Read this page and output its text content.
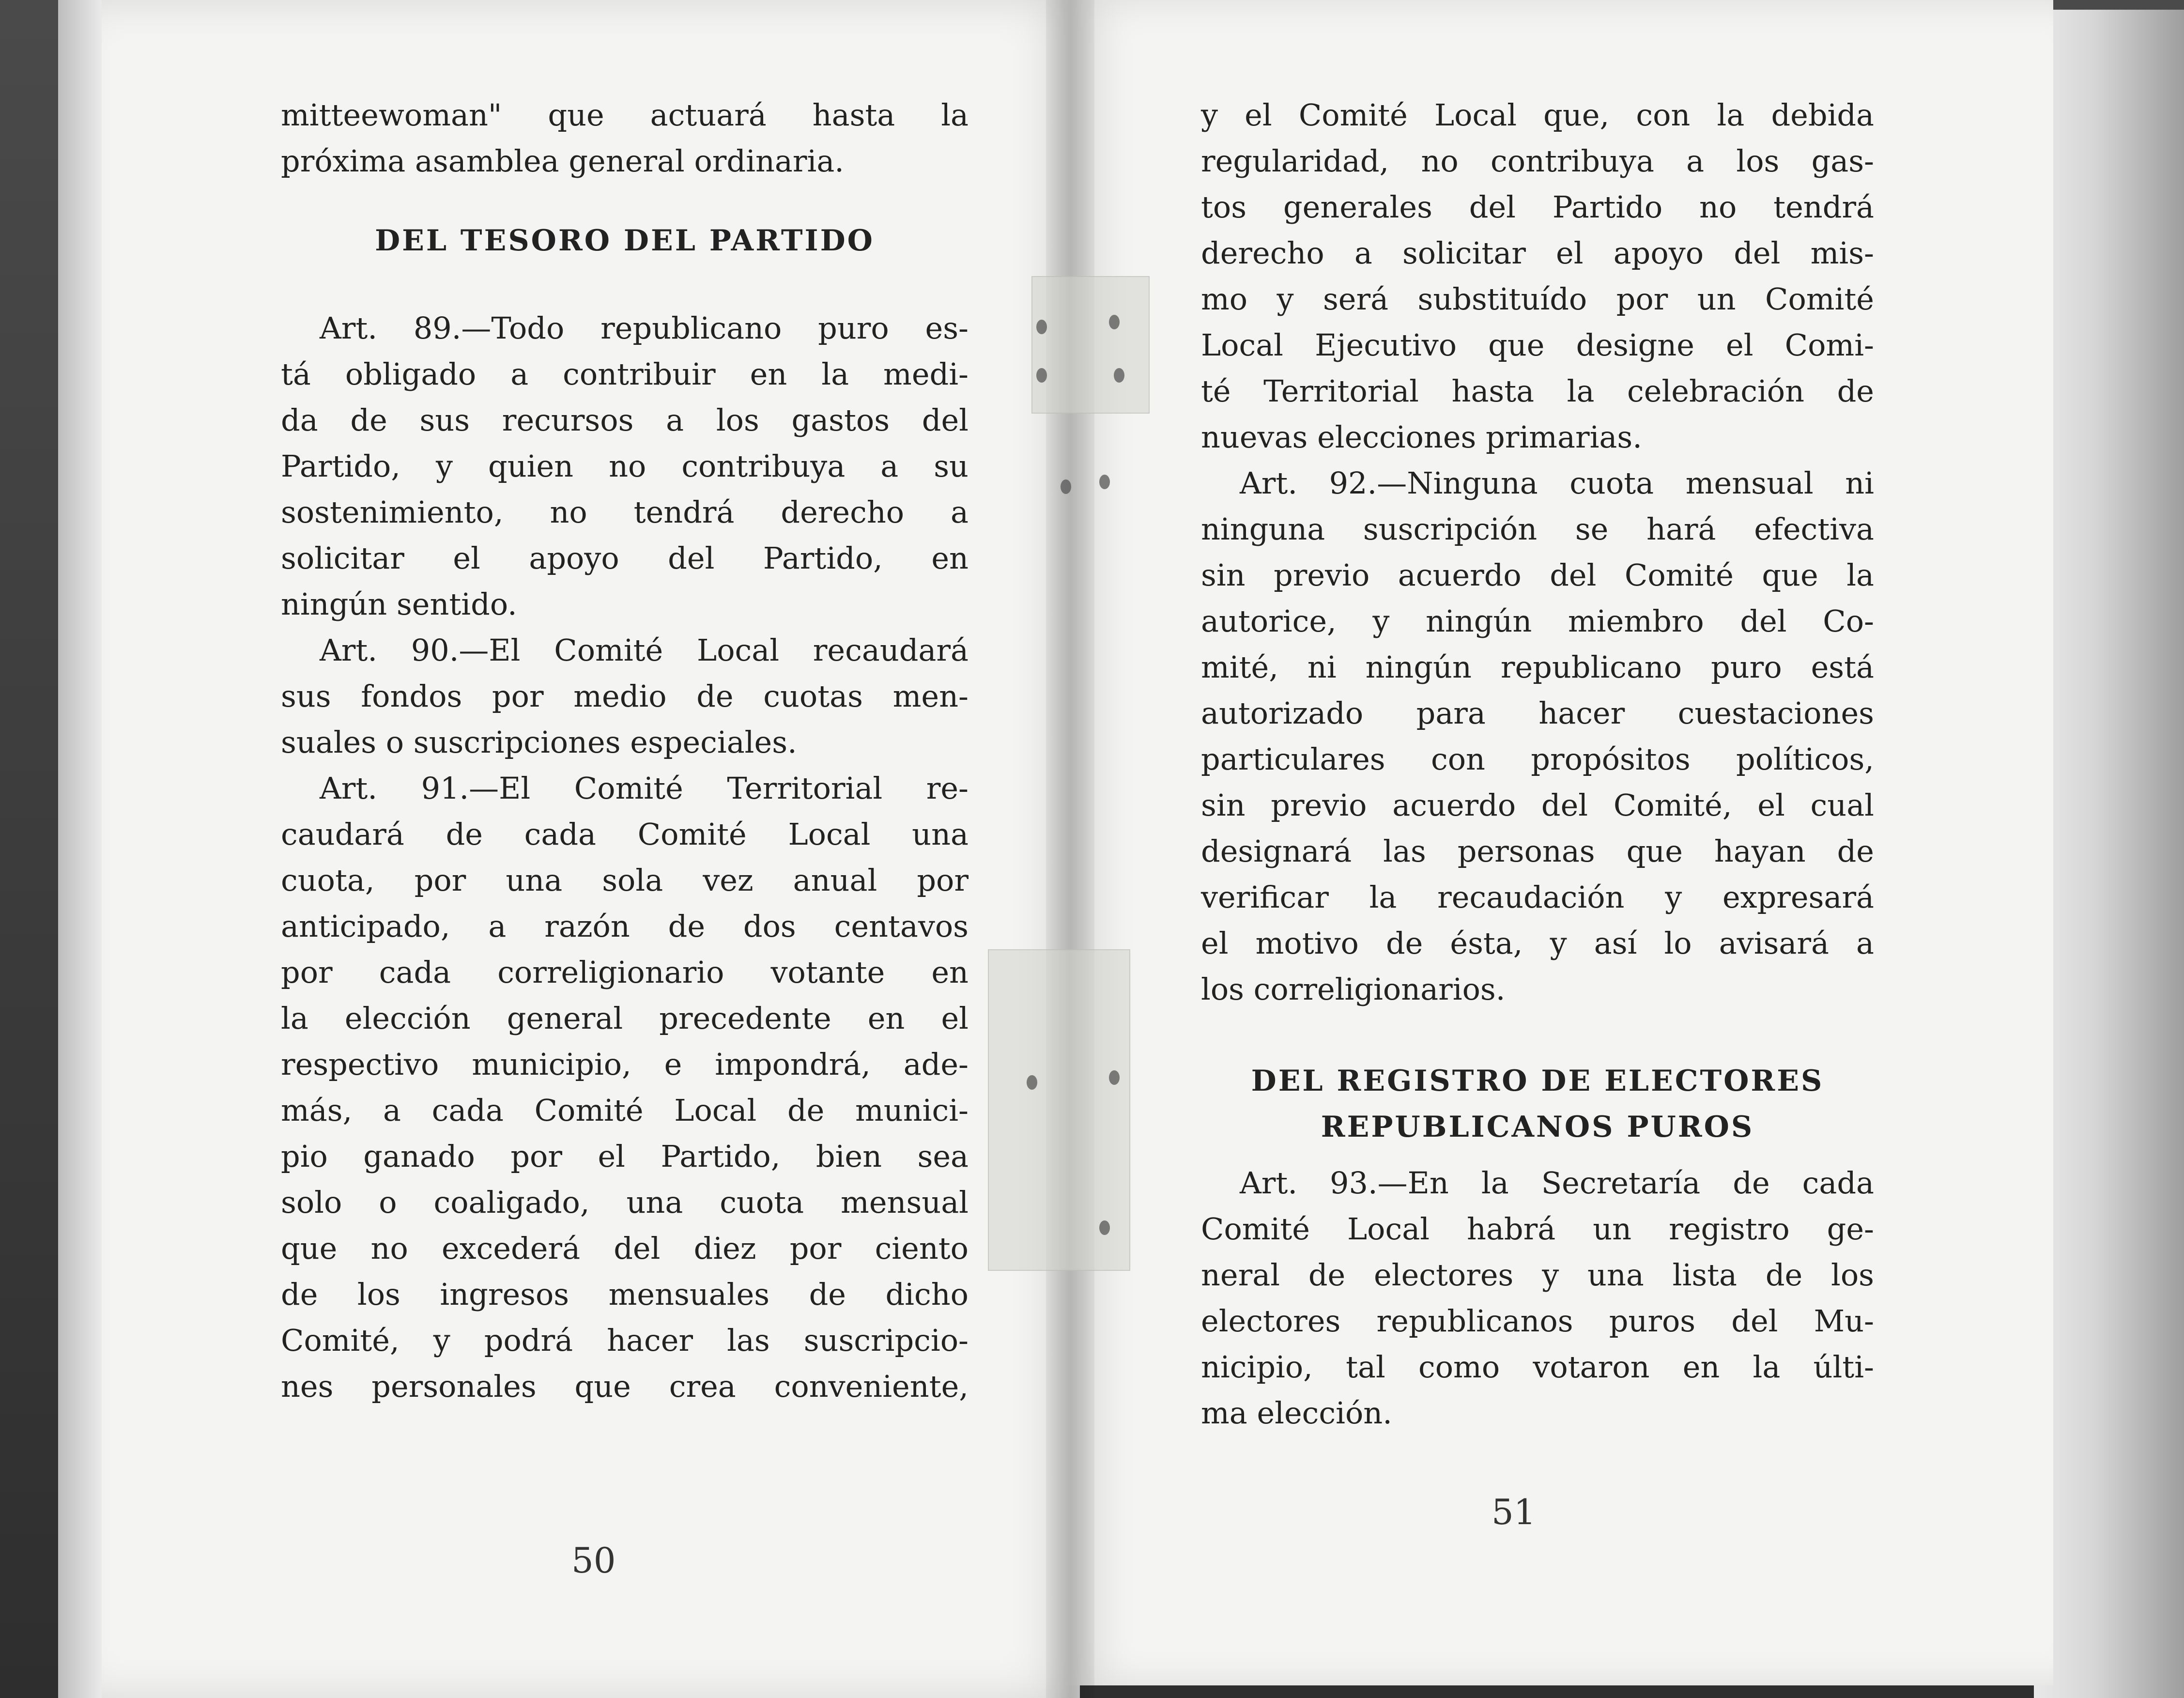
mitteewoman" que actuará hasta la
próxima asamblea general ordinaria.
DEL TESORO DEL PARTIDO
Art. 89.—Todo republicano puro es-
tá obligado a contribuir en la medi-
da de sus recursos a los gastos del
Partido, y quien no contribuya a su
sostenimiento, no tendrá derecho a
solicitar el apoyo del Partido, en
ningún sentido.
Art. 90.—El Comité Local recaudará
sus fondos por medio de cuotas men-
suales o suscripciones especiales.
Art. 91.—El Comité Territorial re-
caudará de cada Comité Local una
cuota, por una sola vez anual por
anticipado, a razón de dos centavos
por cada correligionario votante en
la elección general precedente en el
respectivo municipio, e impondrá, ade-
más, a cada Comité Local de munici-
pio ganado por el Partido, bien sea
solo o coaligado, una cuota mensual
que no excederá del diez por ciento
de los ingresos mensuales de dicho
Comité, y podrá hacer las suscripcio-
nes personales que crea conveniente,
50
y el Comité Local que, con la debida
regularidad, no contribuya a los gas-
tos generales del Partido no tendrá
derecho a solicitar el apoyo del mis-
mo y será substituído por un Comité
Local Ejecutivo que designe el Comi-
té Territorial hasta la celebración de
nuevas elecciones primarias.
Art. 92.—Ninguna cuota mensual ni
ninguna suscripción se hará efectiva
sin previo acuerdo del Comité que la
autorice, y ningún miembro del Co-
mité, ni ningún republicano puro está
autorizado para hacer cuestaciones
particulares con propósitos políticos,
sin previo acuerdo del Comité, el cual
designará las personas que hayan de
verificar la recaudación y expresará
el motivo de ésta, y así lo avisará a
los correligionarios.
DEL REGISTRO DE ELECTORES
REPUBLICANOS PUROS
Art. 93.—En la Secretaría de cada
Comité Local habrá un registro ge-
neral de electores y una lista de los
electores republicanos puros del Mu-
nicipio, tal como votaron en la últi-
ma elección.
51
